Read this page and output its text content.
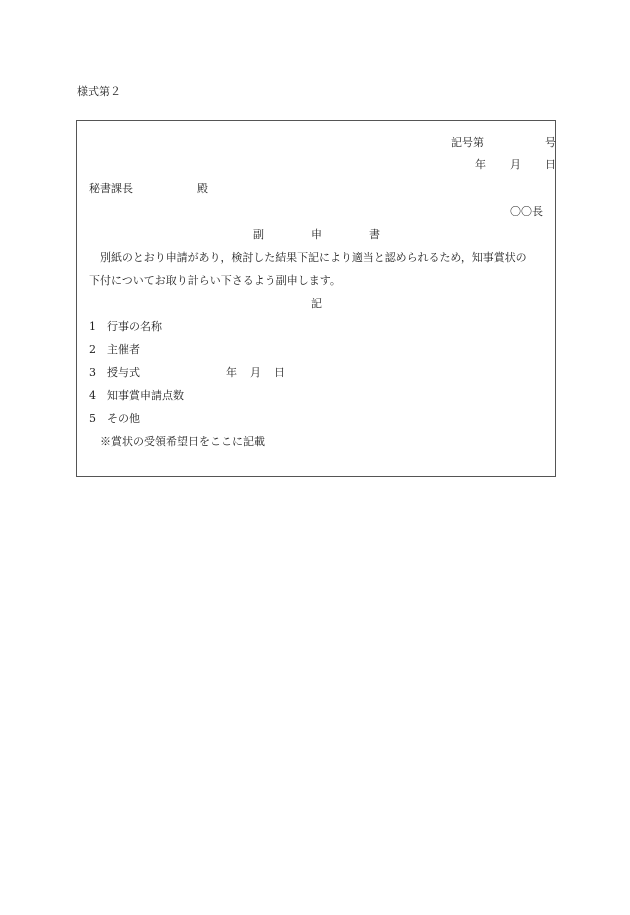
様式第２
記号第	号
年 月 日
秘書課長	殿
〇〇長
副	申	書
別紙のとおり申請があり，検討した結果下記により適当と認められるため，知事賞状の
下付についてお取り計らい下さるよう副申します。
記
1 行事の名称
2 主催者
3 授与式	年 月 日
4 知事賞申請点数
5 その他
※賞状の受領希望日をここに記載
